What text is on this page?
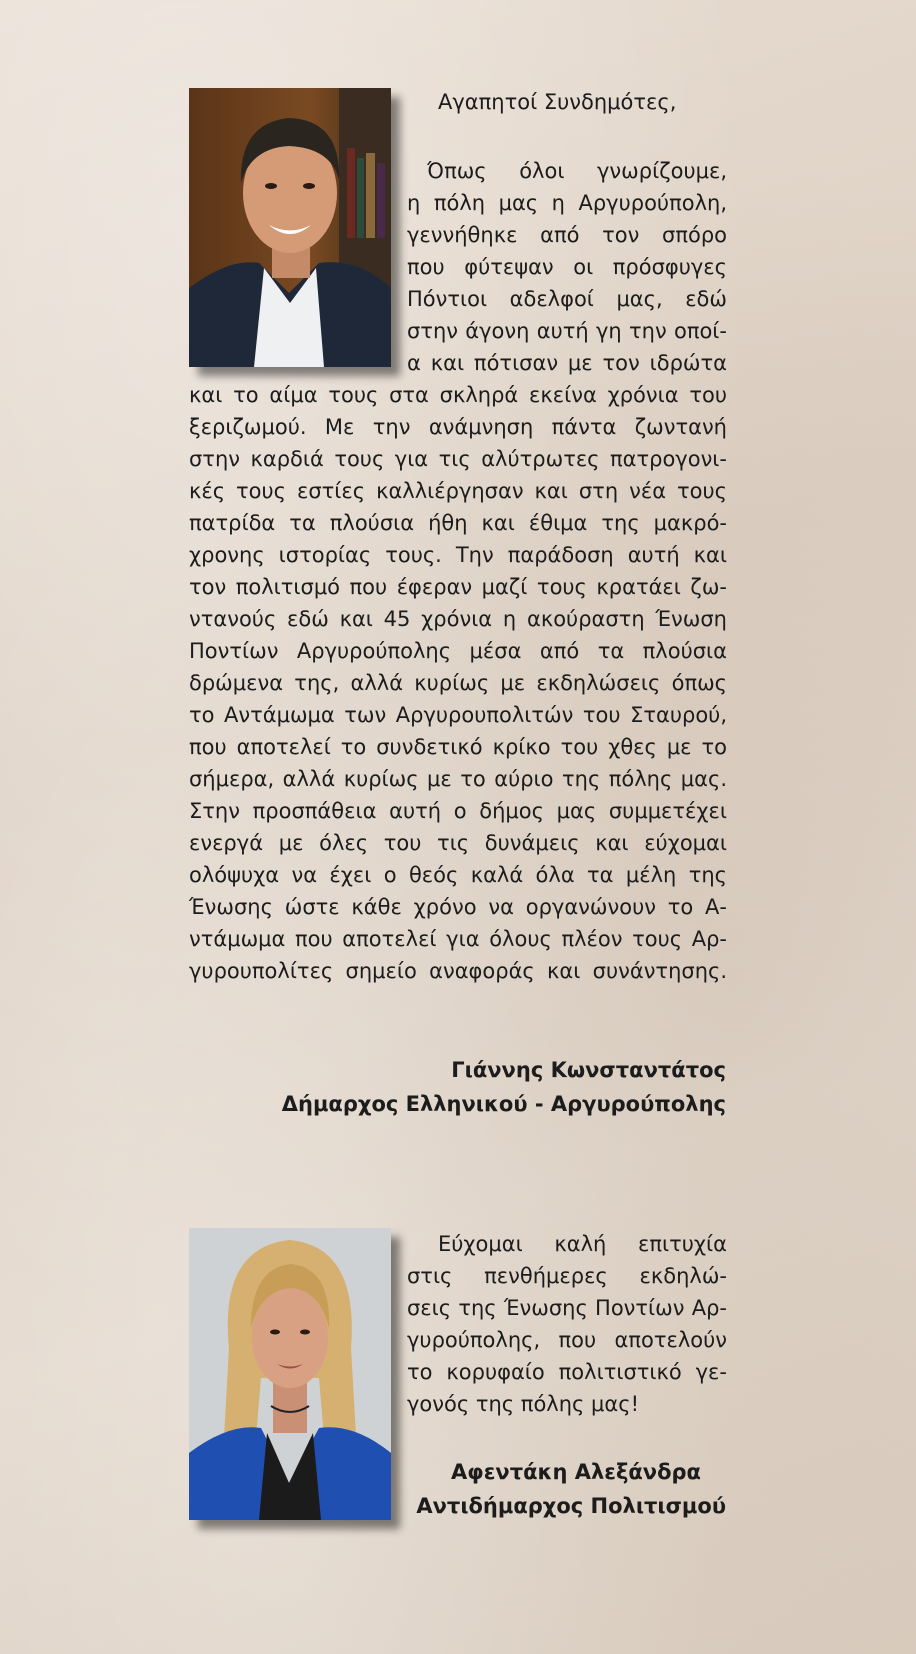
Αγαπητοί Συνδημότες,

Όπως όλοι γνωρίζουμε,

η πόλη μας η Αργυρούπολη,

γεννήθηκε από τον σπόρο

που φύτεψαν οι πρόσφυγες

Πόντιοι αδελφοί μας, εδώ

στην άγονη αυτή γη την οποί-

α και πότισαν με τον ιδρώτα

και το αίμα τους στα σκληρά εκείνα χρόνια του

ξεριζωμού. Με την ανάμνηση πάντα ζωντανή

στην καρδιά τους για τις αλύτρωτες πατρογονι-

κές τους εστίες καλλιέργησαν και στη νέα τους

πατρίδα τα πλούσια ήθη και έθιμα της μακρό-

χρονης ιστορίας τους. Την παράδοση αυτή και

τον πολιτισμό που έφεραν μαζί τους κρατάει ζω-

ντανούς εδώ και 45 χρόνια η ακούραστη Ένωση

Ποντίων Αργυρούπολης μέσα από τα πλούσια

δρώμενα της, αλλά κυρίως με εκδηλώσεις όπως

το Αντάμωμα των Αργυρουπολιτών του Σταυρού,

που αποτελεί το συνδετικό κρίκο του χθες με το

σήμερα, αλλά κυρίως με το αύριο της πόλης μας.

Στην προσπάθεια αυτή ο δήμος μας συμμετέχει

ενεργά με όλες του τις δυνάμεις και εύχομαι

ολόψυχα να έχει ο θεός καλά όλα τα μέλη της

Ένωσης ώστε κάθε χρόνο να οργανώνουν το Α-

ντάμωμα που αποτελεί για όλους πλέον τους Αρ-

γυρουπολίτες σημείο αναφοράς και συνάντησης.

Γιάννης Κωνσταντάτος

Δήμαρχος Ελληνικού - Αργυρούπολης

Εύχομαι καλή επιτυχία

στις πενθήμερες εκδηλώ-

σεις της Ένωσης Ποντίων Αρ-

γυρούπολης, που αποτελούν

το κορυφαίο πολιτιστικό γε-

γονός της πόλης μας!

Αφεντάκη Αλεξάνδρα

Αντιδήμαρχος Πολιτισμού
